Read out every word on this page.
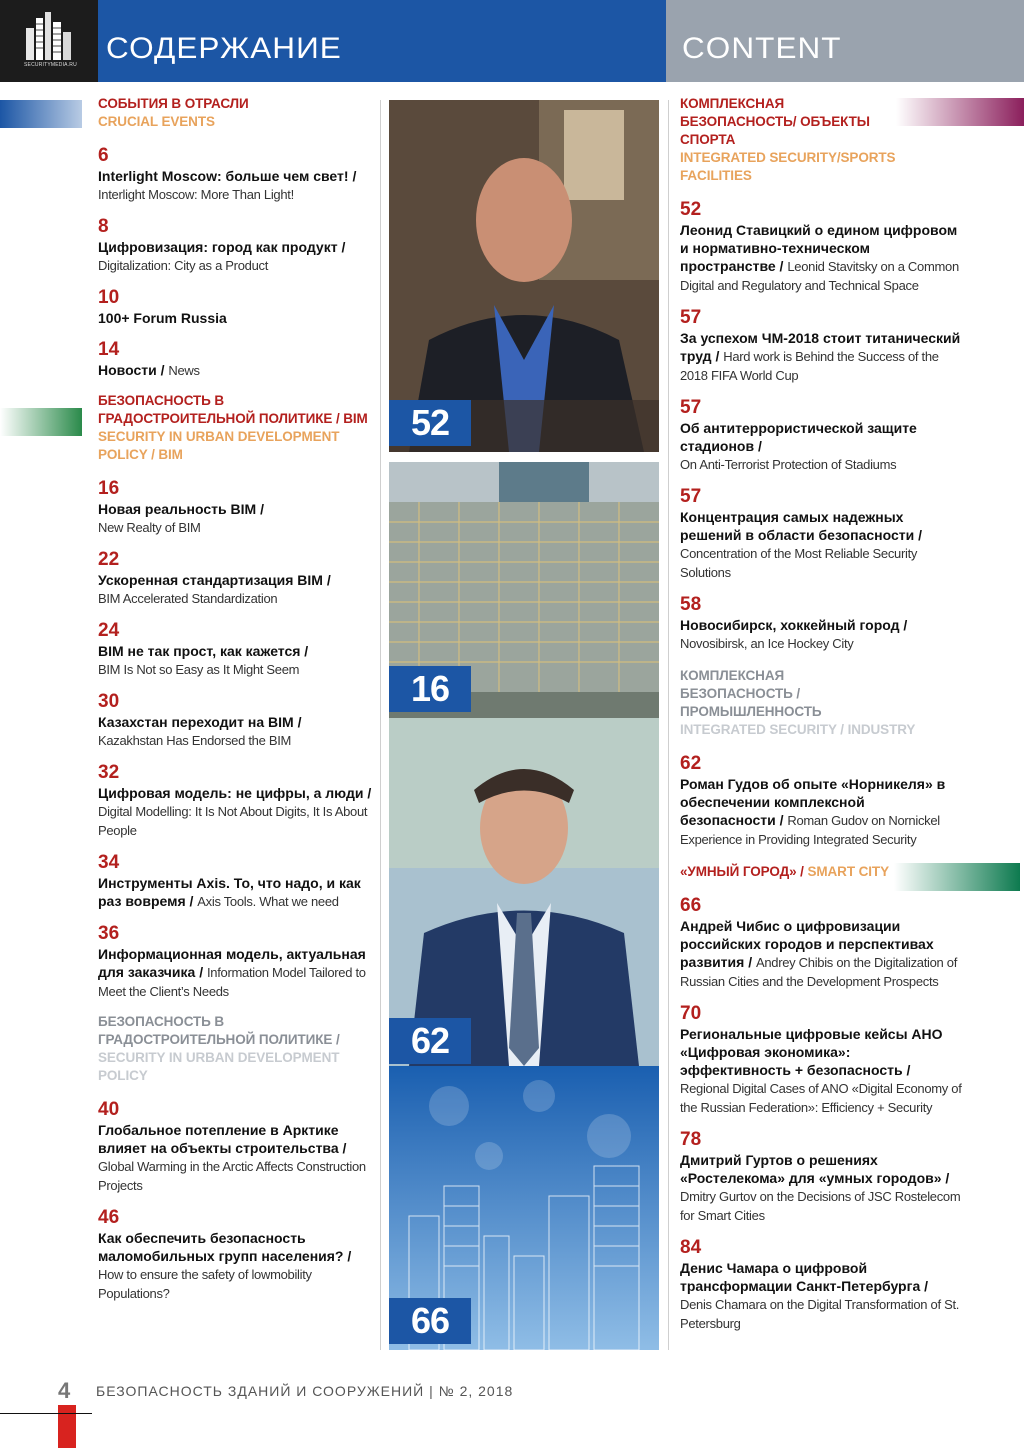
SECURITYMEDIA.RU СОДЕРЖАНИЕ	CONTENT
СОБЫТИЯ В ОТРАСЛИ
CRUCIAL EVENTS
6
Interlight Moscow: больше чем свет! / Interlight Moscow: More Than Light!
8
Цифровизация: город как продукт / Digitalization: City as a Product
10
100+ Forum Russia
14
Новости / News
БЕЗОПАСНОСТЬ В ГРАДОСТРОИТЕЛЬНОЙ ПОЛИТИКЕ / BIM
SECURITY IN URBAN DEVELOPMENT POLICY / BIM
16
Новая реальность BIM /
New Realty of BIM
22
Ускоренная стандартизация BIM /
BIM Accelerated Standardization
24
BIM не так прост, как кажется /
BIM Is Not so Easy as It Might Seem
30
Казахстан переходит на BIM /
Kazakhstan Has Endorsed the BIM
32
Цифровая модель: не цифры, а люди / Digital Modelling: It Is Not About Digits, It Is About People
34
Инструменты Axis. То, что надо, и как раз вовремя / Axis Tools. What we need
36
Информационная модель, актуальная для заказчика / Information Model Tailored to Meet the Client’s Needs
БЕЗОПАСНОСТЬ В ГРАДОСТРОИТЕЛЬНОЙ ПОЛИТИКЕ / SECURITY IN URBAN DEVELOPMENT POLICY
40
Глобальное потепление в Арктике влияет на объекты строительства / Global Warming in the Arctic Affects Construction Projects
46
Как обеспечить безопасность маломобильных групп населения? / How to ensure the safety of lowmobility Populations?
52
16
62
66
КОМПЛЕКСНАЯ БЕЗОПАСНОСТЬ/ ОБЪЕКТЫ СПОРТА
INTEGRATED SECURITY/SPORTS FACILITIES
52
Леонид Ставицкий о едином цифровом и нормативно-техническом пространстве / Leonid Stavitsky on a Common Digital and Regulatory and Technical Space
57
За успехом ЧМ-2018 стоит титанический труд / Hard work is Behind the Success of the 2018 FIFA World Cup
57
Об антитеррористической защите стадионов /
On Anti-Terrorist Protection of Stadiums
57
Концентрация самых надежных решений в области безопасности / Concentration of the Most Reliable Security Solutions
58
Новосибирск, хоккейный город /
Novosibirsk, an Ice Hockey City
КОМПЛЕКСНАЯ БЕЗОПАСНОСТЬ / ПРОМЫШЛЕННОСТЬ
INTEGRATED SECURITY / INDUSTRY
62
Роман Гудов об опыте «Норникеля» в обеспечении комплексной безопасности / Roman Gudov on Nornickel Experience in Providing Integrated Security
«УМНЫЙ ГОРОД» / SMART CITY
66
Андрей Чибис о цифровизации российских городов и перспективах развития / Andrey Chibis on the Digitalization of Russian Cities and the Development Prospects
70
Региональные цифровые кейсы АНО «Цифровая экономика»: эффективность + безопасность / Regional Digital Cases of ANO «Digital Economy of the Russian Federation»: Efficiency + Security
78
Дмитрий Гуртов о решениях «Ростелекома» для «умных городов» / Dmitry Gurtov on the Decisions of JSC Rostelecom for Smart Cities
84
Денис Чамара о цифровой трансформации Санкт-Петербурга / Denis Chamara on the Digital Transformation of St. Petersburg
4	БЕЗОПАСНОСТЬ ЗДАНИЙ И СООРУЖЕНИЙ | № 2, 2018
